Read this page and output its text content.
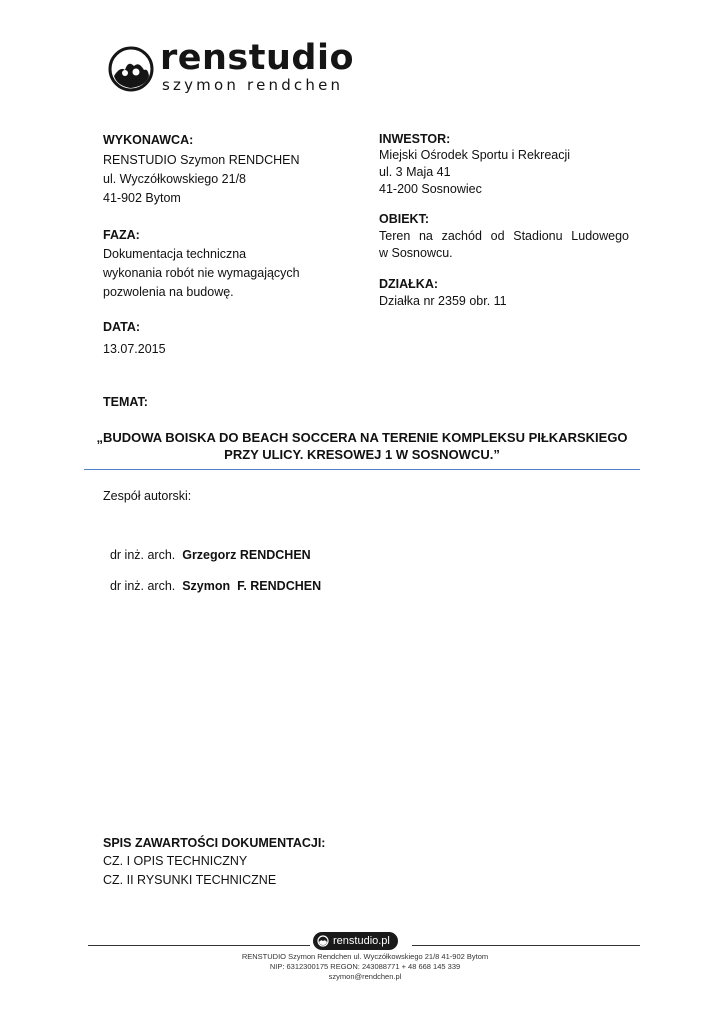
renstudio
szymon rendchen
WYKONAWCA:
RENSTUDIO Szymon RENDCHEN
ul. Wyczółkowskiego 21/8
41-902 Bytom
FAZA:
Dokumentacja techniczna
wykonania robót nie wymagających
pozwolenia na budowę.
DATA:
13.07.2015
INWESTOR:
Miejski Ośrodek Sportu i Rekreacji
ul. 3 Maja 41
41-200 Sosnowiec
OBIEKT:
Teren na zachód od Stadionu Ludowego
w Sosnowcu.
DZIAŁKA:
Działka nr 2359 obr. 11
TEMAT:
„BUDOWA BOISKA DO BEACH SOCCERA NA TERENIE KOMPLEKSU PIŁKARSKIEGO
PRZY ULICY. KRESOWEJ 1 W SOSNOWCU.”
Zespół autorski:

dr inż. arch. Grzegorz RENDCHEN

dr inż. arch. Szymon  F. RENDCHEN

SPIS ZAWARTOŚCI DOKUMENTACJI:
CZ. I OPIS TECHNICZNY
CZ. II RYSUNKI TECHNICZNE
renstudio.pl
RENSTUDIO Szymon Rendchen ul. Wyczółkowskiego 21/8 41-902 Bytom
NIP: 6312300175 REGON: 243088771 + 48 668 145 339
szymon@rendchen.pl
